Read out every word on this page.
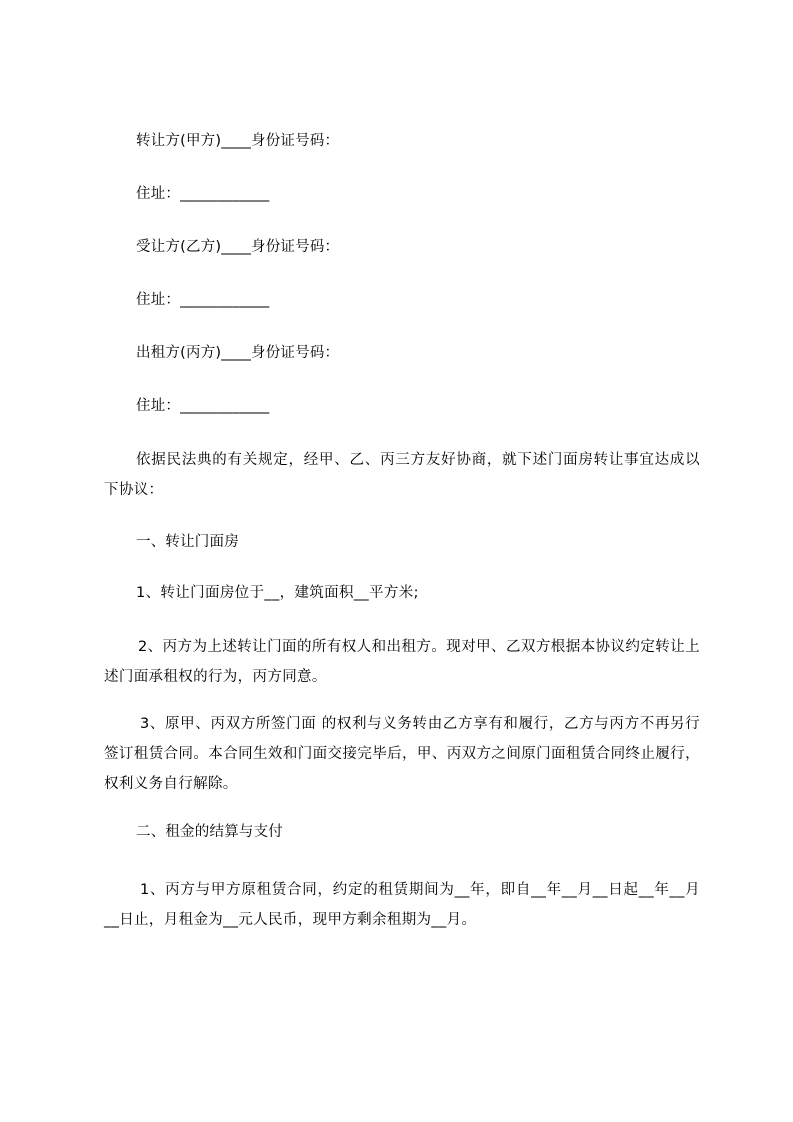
转让方(甲方)____身份证号码：
住址：____________
受让方(乙方)____身份证号码：
住址：____________
出租方(丙方)____身份证号码：
住址：____________
依据民法典的有关规定，经甲、乙、丙三方友好协商，就下述门面房转让事宜达成以下协议：
一、转让门面房
1、转让门面房位于__，建筑面积__平方米;
2、丙方为上述转让门面的所有权人和出租方。现对甲、乙双方根据本协议约定转让上述门面承租权的行为，丙方同意。
3、原甲、丙双方所签门面 的权利与义务转由乙方享有和履行，乙方与丙方不再另行签订租赁合同。本合同生效和门面交接完毕后，甲、丙双方之间原门面租赁合同终止履行，权利义务自行解除。
二、租金的结算与支付
1、丙方与甲方原租赁合同，约定的租赁期间为__年，即自__年__月__日起__年__月__日止，月租金为__元人民币，现甲方剩余租期为__月。
